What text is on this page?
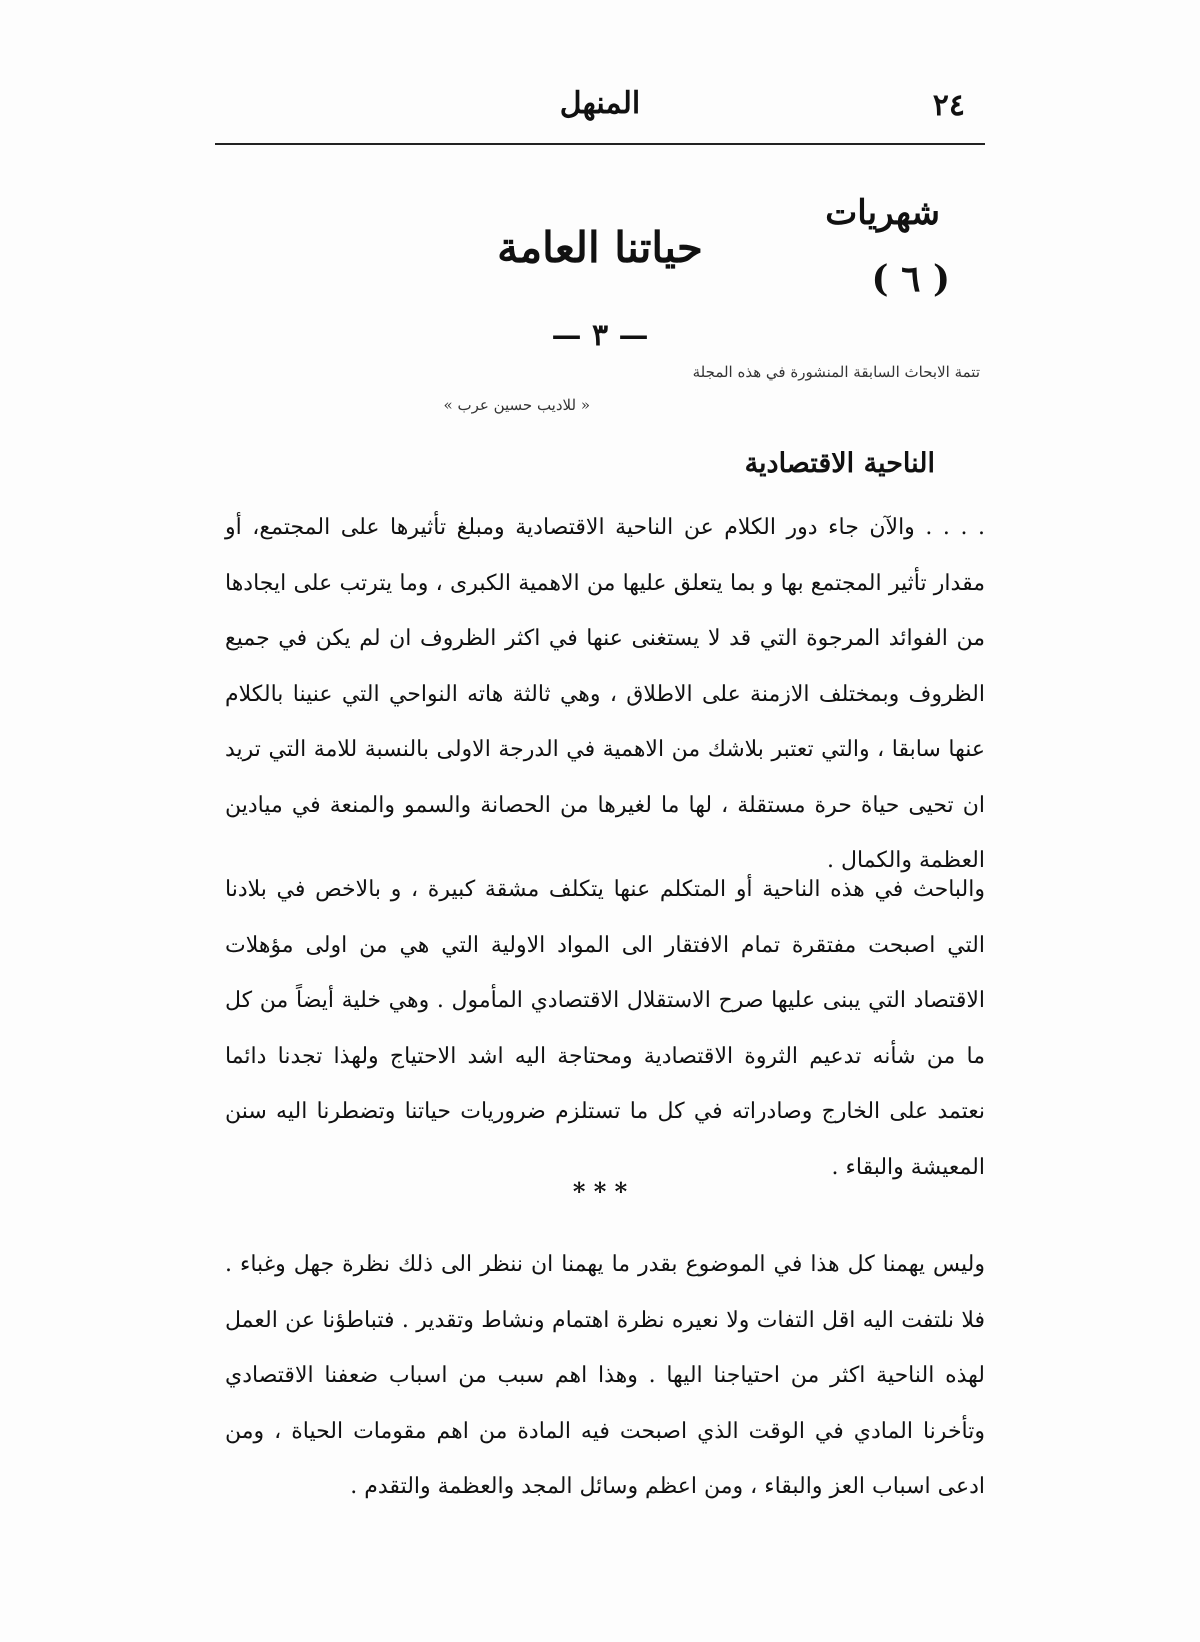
٢٤
المنهل
شهريات
( ٦ )
حياتنا العامة
— ٣ —
تتمة الابحاث السابقة المنشورة في هذه المجلة
« للاديب حسين عرب »
الناحية الاقتصادية

. . . . والآن جاء دور الكلام عن الناحية الاقتصادية ومبلغ تأثيرها على المجتمع، أو مقدار تأثير المجتمع بها و بما يتعلق عليها من الاهمية الكبرى ، وما يترتب على ايجادها من الفوائد المرجوة التي قد لا يستغنى عنها في اكثر الظروف ان لم يكن في جميع الظروف وبمختلف الازمنة على الاطلاق ، وهي ثالثة هاته النواحي التي عنينا بالكلام عنها سابقا ، والتي تعتبر بلاشك من الاهمية في الدرجة الاولى بالنسبة للامة التي تريد ان تحيى حياة حرة مستقلة ، لها ما لغيرها من الحصانة والسمو والمنعة في ميادين العظمة والكمال .

والباحث في هذه الناحية أو المتكلم عنها يتكلف مشقة كبيرة ، و بالاخص في بلادنا التي اصبحت مفتقرة تمام الافتقار الى المواد الاولية التي هي من اولى مؤهلات الاقتصاد التي يبنى عليها صرح الاستقلال الاقتصادي المأمول . وهي خلية أيضاً من كل ما من شأنه تدعيم الثروة الاقتصادية ومحتاجة اليه اشد الاحتياج ولهذا تجدنا دائما نعتمد على الخارج وصادراته في كل ما تستلزم ضروريات حياتنا وتضطرنا اليه سنن المعيشة والبقاء .

* * *

وليس يهمنا كل هذا في الموضوع بقدر ما يهمنا ان ننظر الى ذلك نظرة جهل وغباء . فلا نلتفت اليه اقل التفات ولا نعيره نظرة اهتمام ونشاط وتقدير . فتباطؤنا عن العمل لهذه الناحية اكثر من احتياجنا اليها . وهذا اهم سبب من اسباب ضعفنا الاقتصادي وتأخرنا المادي في الوقت الذي اصبحت فيه المادة من اهم مقومات الحياة ، ومن ادعى اسباب العز والبقاء ، ومن اعظم وسائل المجد والعظمة والتقدم .
